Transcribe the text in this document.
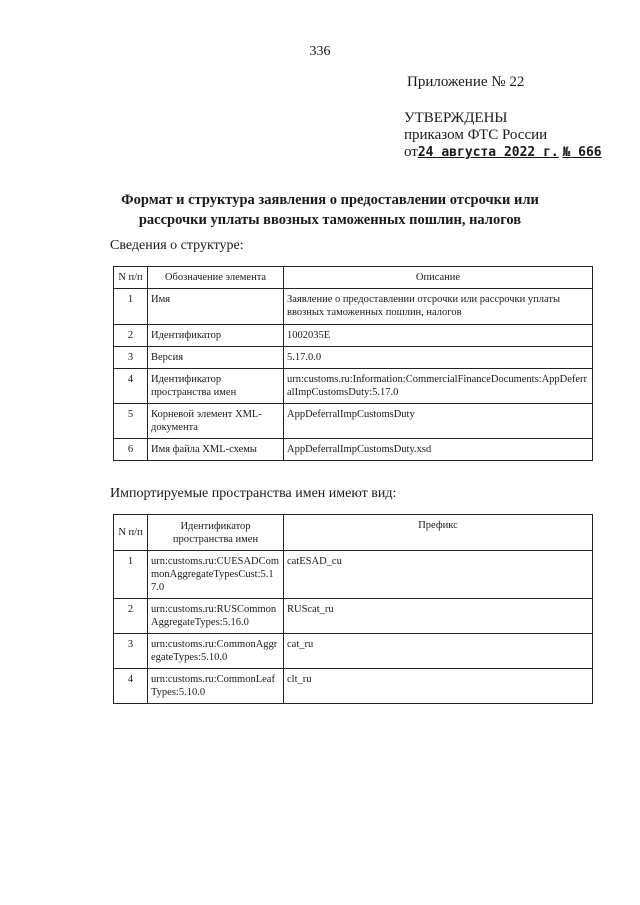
336
Приложение № 22
УТВЕРЖДЕНЫ
приказом ФТС России
от24 августа 2022 г. № 666
Формат и структура заявления о предоставлении отсрочки или рассрочки уплаты ввозных таможенных пошлин, налогов
Сведения о структуре:
N п/п	Обозначение элемента	Описание
1	Имя	Заявление о предоставлении отсрочки или рассрочки уплаты ввозных таможенных пошлин, налогов
2	Идентификатор	1002035E
3	Версия	5.17.0.0
4	Идентификатор пространства имен	urn:customs.ru:Information:CommercialFinanceDocuments:AppDeferralImpCustomsDuty:5.17.0
5	Корневой элемент XML-документа	AppDeferralImpCustomsDuty
6	Имя файла XML-схемы	AppDeferralImpCustomsDuty.xsd
Импортируемые пространства имен имеют вид:
N п/п	Идентификатор пространства имен	Префикс
1	urn:customs.ru:CUESADCommonAggregateTypesCust:5.17.0	catESAD_cu
2	urn:customs.ru:RUSCommonAggregateTypes:5.16.0	RUScat_ru
3	urn:customs.ru:CommonAggregateTypes:5.10.0	cat_ru
4	urn:customs.ru:CommonLeafTypes:5.10.0	clt_ru
